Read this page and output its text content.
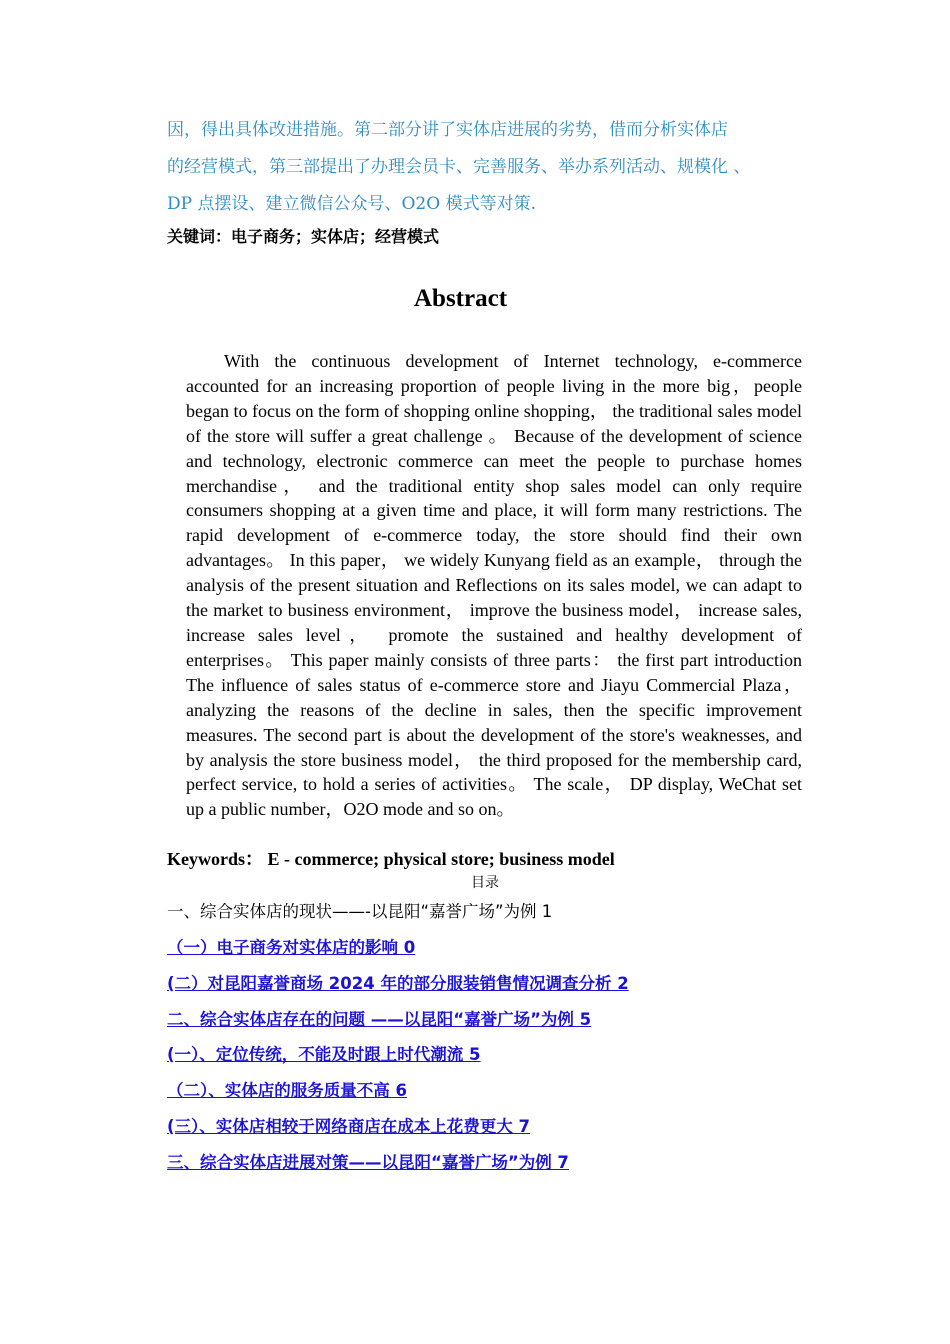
因，得出具体改进措施。第二部分讲了实体店进展的劣势，借而分析实体店
的经营模式，第三部提出了办理会员卡、完善服务、举办系列活动、规模化 、
DP 点摆设、建立微信公众号、O2O 模式等对策.
关键词：电子商务；实体店；经营模式
Abstract
With the continuous development of Internet technology, e-commerce accounted for an increasing proportion of people living in the more big，people began to focus on the form of shopping online shopping， the traditional sales model of the store will suffer a great challenge 。 Because of the development of science and technology, electronic commerce can meet the people to purchase homes merchandise， and the traditional entity shop sales model can only require consumers shopping at a given time and place, it will form many restrictions. The rapid development of e-commerce today, the store should find their own advantages。 In this paper， we widely Kunyang field as an example， through the analysis of the present situation and Reflections on its sales model, we can adapt to the market to business environment， improve the business model， increase sales, increase sales level， promote the sustained and healthy development of enterprises。 This paper mainly consists of three parts： the first part introduction The influence of sales status of e-commerce store and Jiayu Commercial Plaza， analyzing the reasons of the decline in sales, then the specific improvement measures. The second part is about the development of the store's weaknesses, and by analysis the store business model， the third proposed for the membership card, perfect service, to hold a series of activities。 The scale， DP display, WeChat set up a public number，O2O mode and so on。
Keywords： E - commerce; physical store; business model
目录
一、综合实体店的现状——-以昆阳“嘉誉广场”为例 1
（一）电子商务对实体店的影响 0
(二）对昆阳嘉誉商场 2024 年的部分服装销售情况调查分析 2
二、综合实体店存在的问题 ——以昆阳“嘉誉广场”为例 5
(一）、定位传统，不能及时跟上时代潮流 5
（二）、实体店的服务质量不高 6
(三）、实体店相较于网络商店在成本上花费更大 7
三、综合实体店进展对策——以昆阳“嘉誉广场”为例 7
